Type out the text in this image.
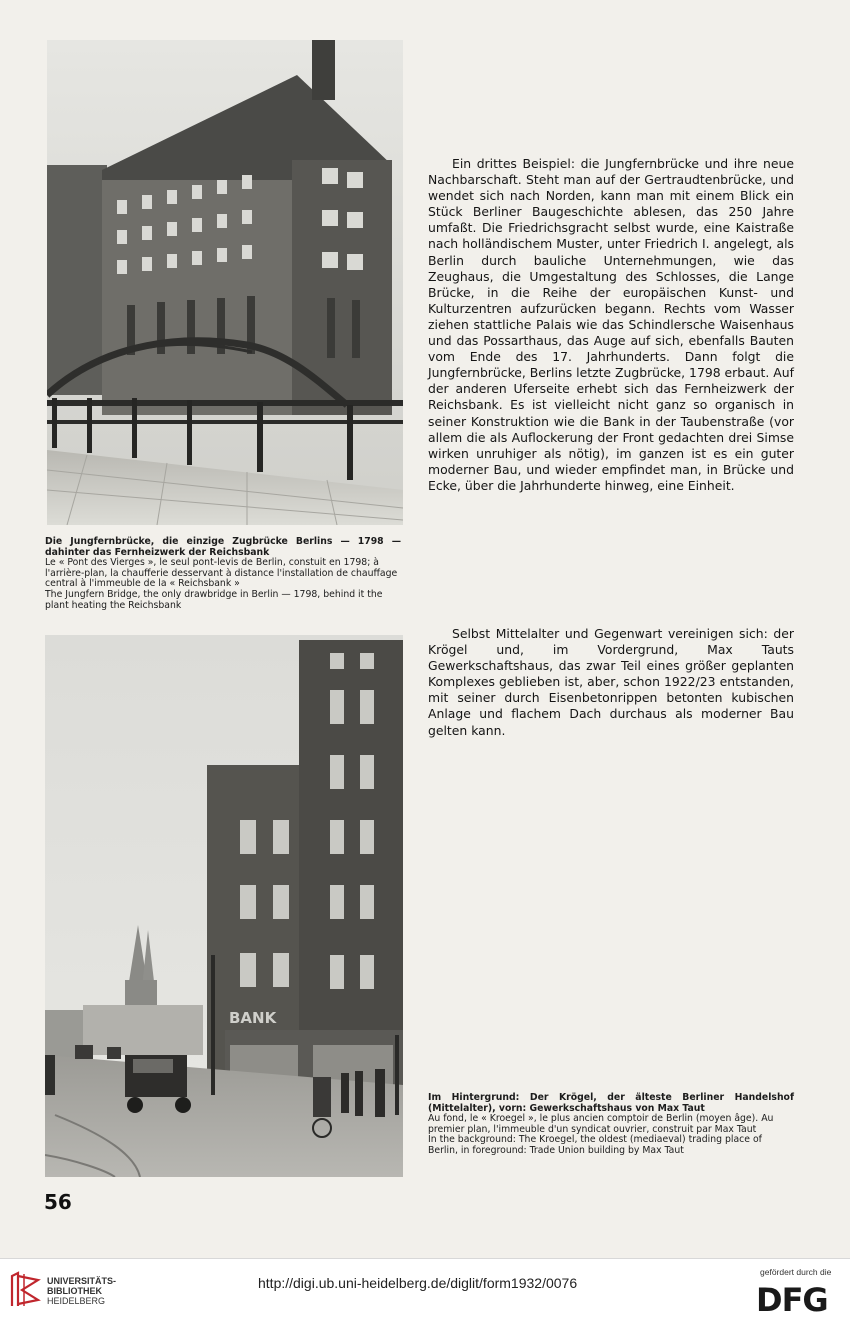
Die Jungfernbrücke, die einzige Zugbrücke Berlins — 1798 — dahinter das Fernheizwerk der Reichsbank
Le « Pont des Vierges », le seul pont-levis de Berlin, constuit en 1798; à l'arrière-plan, la chaufferie desservant à distance l'installation de chauffage central à l'immeuble de la « Reichsbank »
The Jungfern Bridge, the only drawbridge in Berlin — 1798, behind it the plant heating the Reichsbank
Ein drittes Beispiel: die Jungfernbrücke und ihre neue Nachbarschaft. Steht man auf der Gertraudtenbrücke, und wendet sich nach Norden, kann man mit einem Blick ein Stück Berliner Baugeschichte ablesen, das 250 Jahre umfaßt. Die Friedrichsgracht selbst wurde, eine Kaistraße nach holländischem Muster, unter Friedrich I. angelegt, als Berlin durch bauliche Unternehmungen, wie das Zeughaus, die Umgestaltung des Schlosses, die Lange Brücke, in die Reihe der europäischen Kunst- und Kulturzentren aufzurücken begann. Rechts vom Wasser ziehen stattliche Palais wie das Schindlersche Waisenhaus und das Possarthaus, das Auge auf sich, ebenfalls Bauten vom Ende des 17. Jahrhunderts. Dann folgt die Jungfernbrücke, Berlins letzte Zugbrücke, 1798 erbaut. Auf der anderen Uferseite erhebt sich das Fernheizwerk der Reichsbank. Es ist vielleicht nicht ganz so organisch in seiner Konstruktion wie die Bank in der Taubenstraße (vor allem die als Auflockerung der Front gedachten drei Simse wirken unruhiger als nötig), im ganzen ist es ein guter moderner Bau, und wieder empfindet man, in Brücke und Ecke, über die Jahrhunderte hinweg, eine Einheit.
Selbst Mittelalter und Gegenwart vereinigen sich: der Krögel und, im Vordergrund, Max Tauts Gewerkschaftshaus, das zwar Teil eines größer geplanten Komplexes geblieben ist, aber, schon 1922/23 entstanden, mit seiner durch Eisenbetonrippen betonten kubischen Anlage und flachem Dach durchaus als moderner Bau gelten kann.
BANK
Im Hintergrund: Der Krögel, der älteste Berliner Handelshof (Mittelalter), vorn: Gewerkschaftshaus von Max Taut
Au fond, le « Kroegel », le plus ancien comptoir de Berlin (moyen âge). Au premier plan, l'immeuble d'un syndicat ouvrier, construit par Max Taut
In the background: The Kroegel, the oldest (mediaeval) trading place of Berlin, in foreground: Trade Union building by Max Taut
56
UNIVERSITÄTS-
BIBLIOTHEK
HEIDELBERG
http://digi.ub.uni-heidelberg.de/diglit/form1932/0076
gefördert durch die
DFG
